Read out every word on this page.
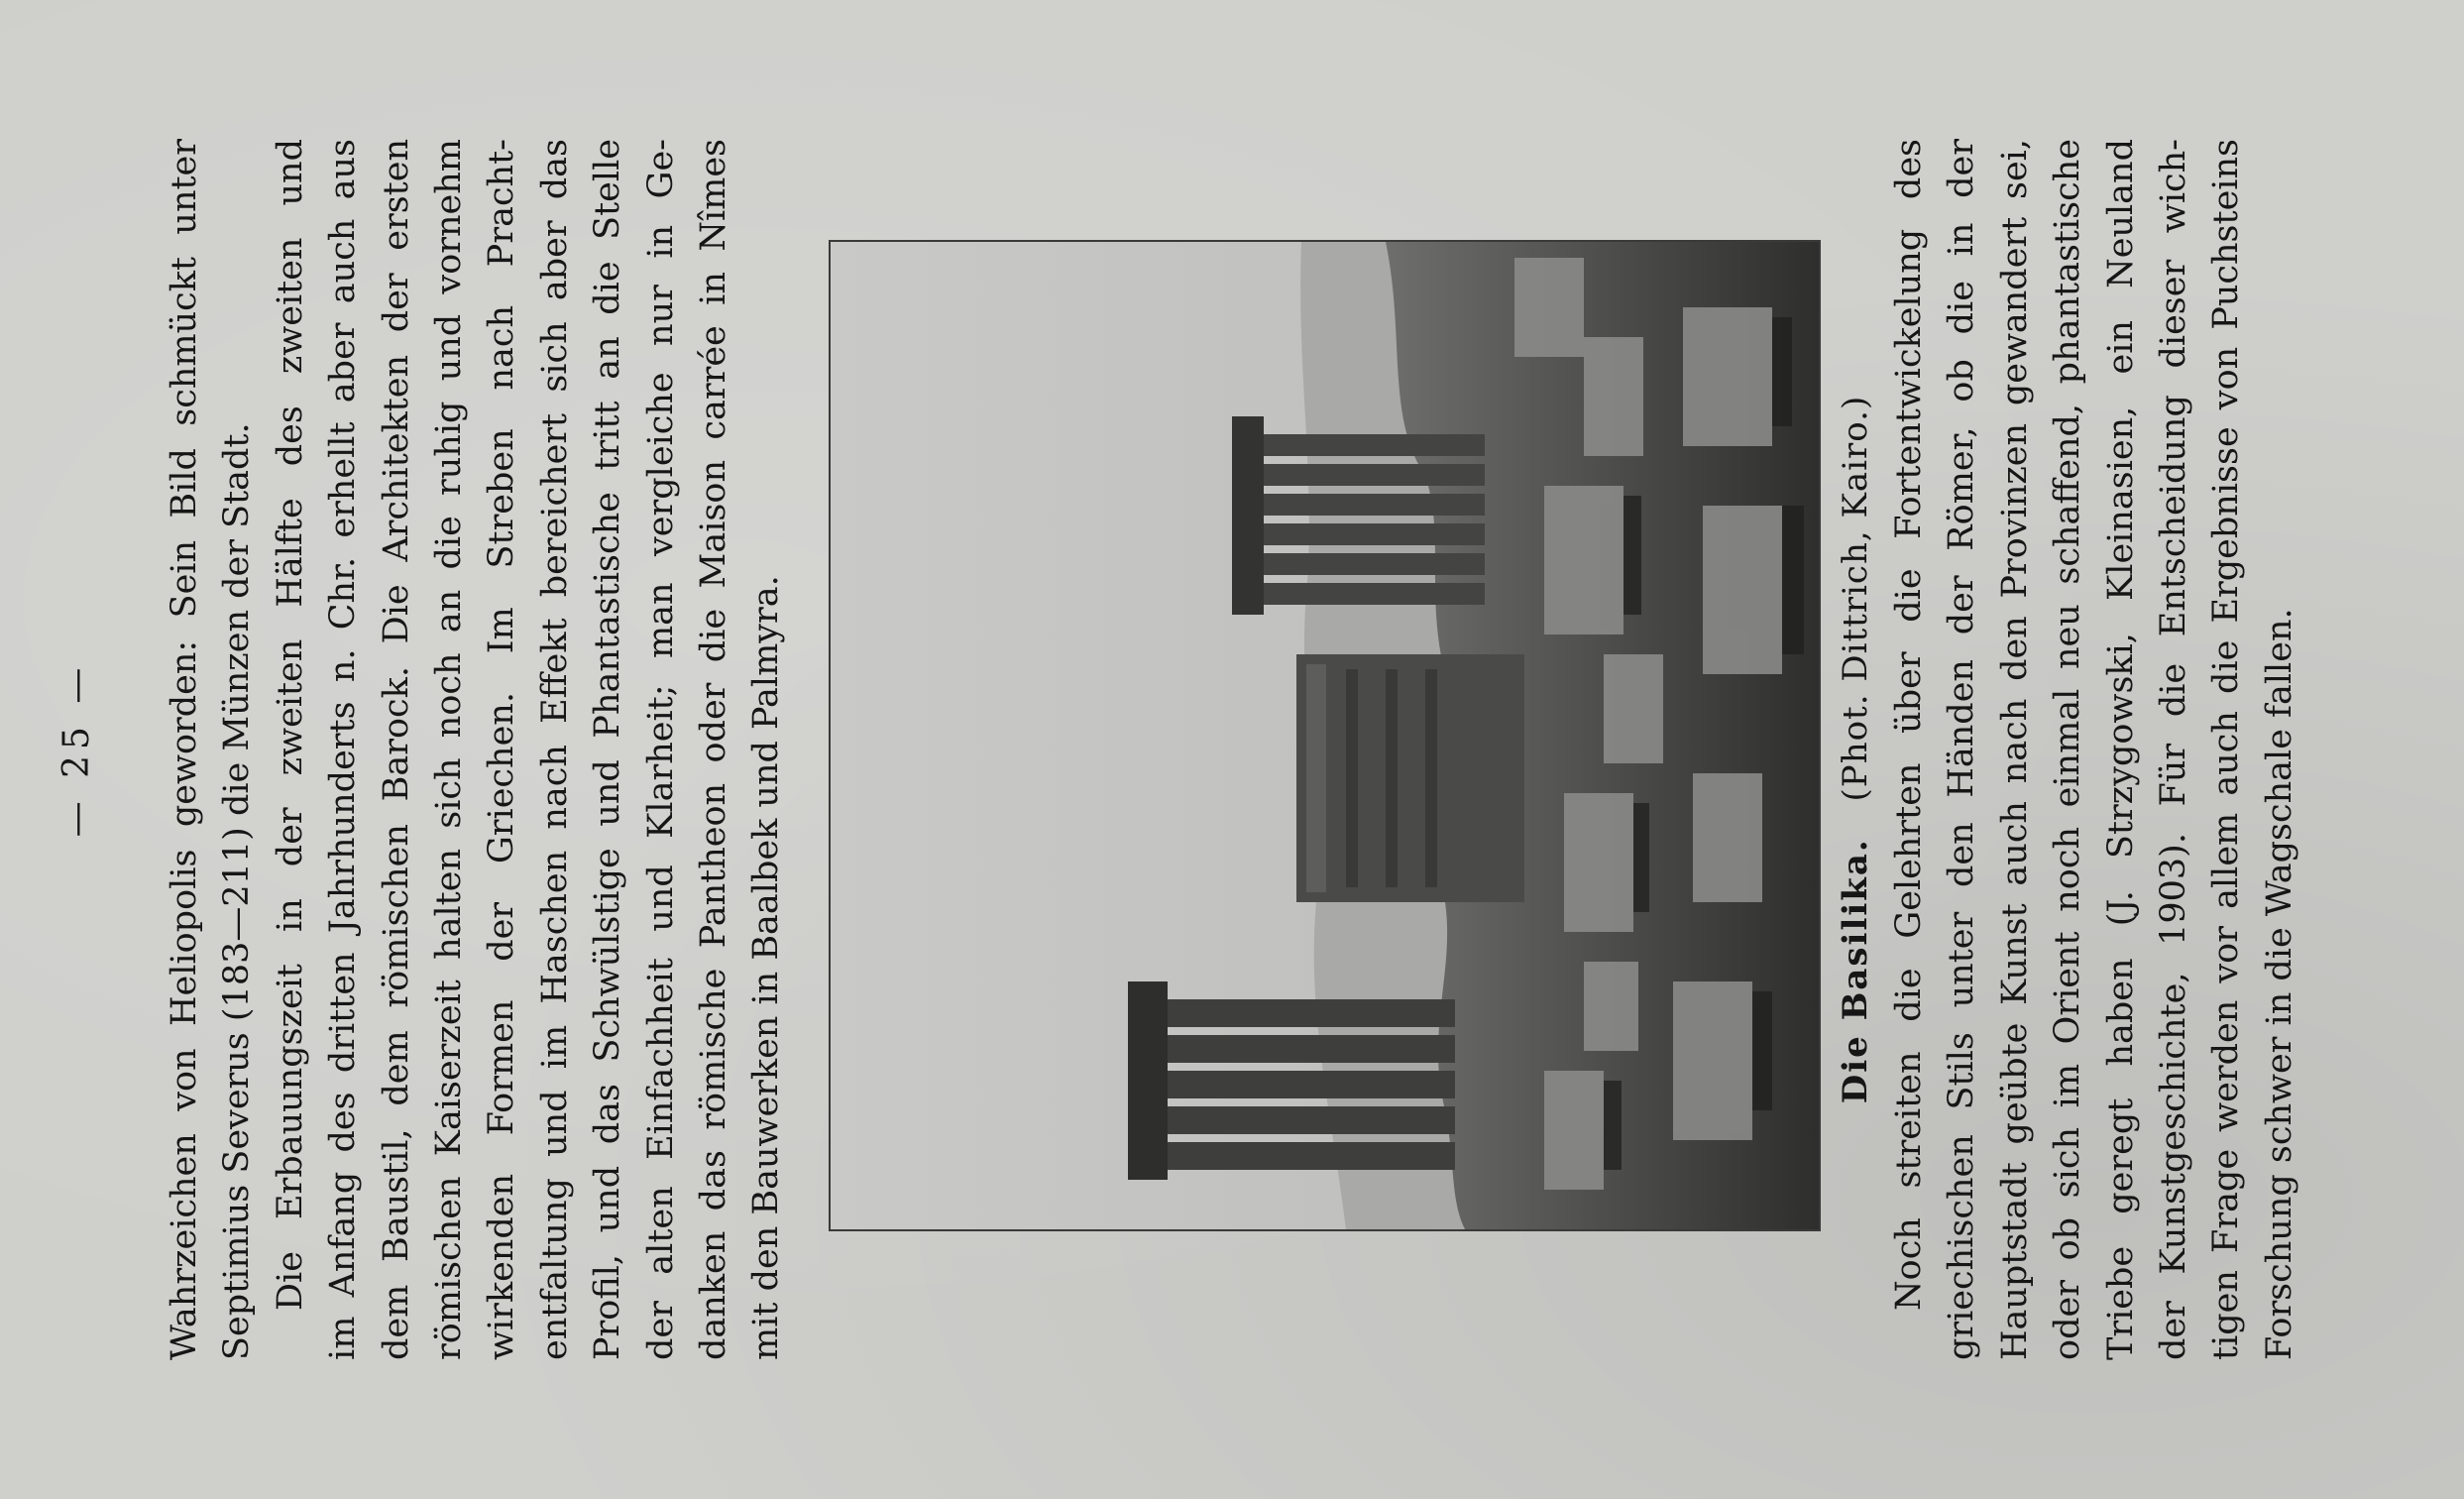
— 25 — Wahrzeichen von Heliopolis geworden: Sein Bild schmückt unter Septimius Severus (183—211) die Münzen der Stadt. Die Erbauungszeit in der zweiten Hälfte des zweiten und im Anfang des dritten Jahrhunderts n. Chr. erhellt aber auch aus dem Baustil, dem römischen Barock. Die Architekten der ersten römischen Kaiserzeit halten sich noch an die ruhig und vornehm wirkenden Formen der Griechen. Im Streben nach Pracht- entfaltung und im Haschen nach Effekt bereichert sich aber das Profil, und das Schwülstige und Phantastische tritt an die Stelle der alten Einfachheit und Klarheit; man vergleiche nur in Ge- danken das römische Pantheon oder die Maison carrée in Nîmes mit den Bauwerken in Baalbek und Palmyra.	Die Basilika. (Phot. Dittrich, Kairo.) Noch streiten die Gelehrten über die Fortentwickelung des griechischen Stils unter den Händen der Römer, ob die in der Hauptstadt geübte Kunst auch nach den Provinzen gewandert sei, oder ob sich im Orient noch einmal neu schaffend, phantastische Triebe geregt haben (J. Strzygowski, Kleinasien, ein Neuland der Kunstgeschichte, 1903). Für die Entscheidung dieser wich- tigen Frage werden vor allem auch die Ergebnisse von Puchsteins Forschung schwer in die Wagschale fallen.
